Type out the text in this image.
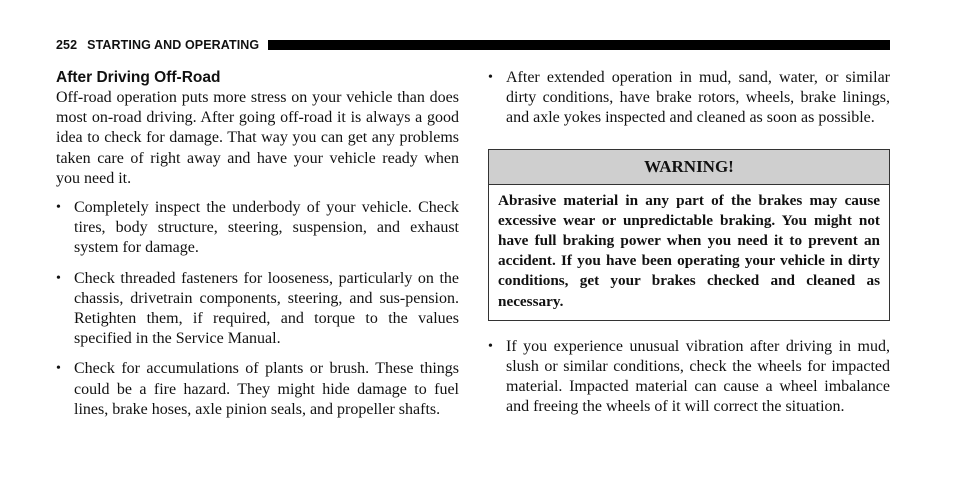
252 STARTING AND OPERATING
After Driving Off-Road

Off-road operation puts more stress on your vehicle than does most on-road driving. After going off-road it is always a good idea to check for damage. That way you can get any problems taken care of right away and have your vehicle ready when you need it.

• Completely inspect the underbody of your vehicle. Check tires, body structure, steering, suspension, and exhaust system for damage.
• Check threaded fasteners for looseness, particularly on the chassis, drivetrain components, steering, and sus-pension. Retighten them, if required, and torque to the values specified in the Service Manual.
• Check for accumulations of plants or brush. These things could be a fire hazard. They might hide damage to fuel lines, brake hoses, axle pinion seals, and propeller shafts.
• After extended operation in mud, sand, water, or similar dirty conditions, have brake rotors, wheels, brake linings, and axle yokes inspected and cleaned as soon as possible.
WARNING!
Abrasive material in any part of the brakes may cause excessive wear or unpredictable braking. You might not have full braking power when you need it to prevent an accident. If you have been operating your vehicle in dirty conditions, get your brakes checked and cleaned as necessary.
• If you experience unusual vibration after driving in mud, slush or similar conditions, check the wheels for impacted material. Impacted material can cause a wheel imbalance and freeing the wheels of it will correct the situation.
